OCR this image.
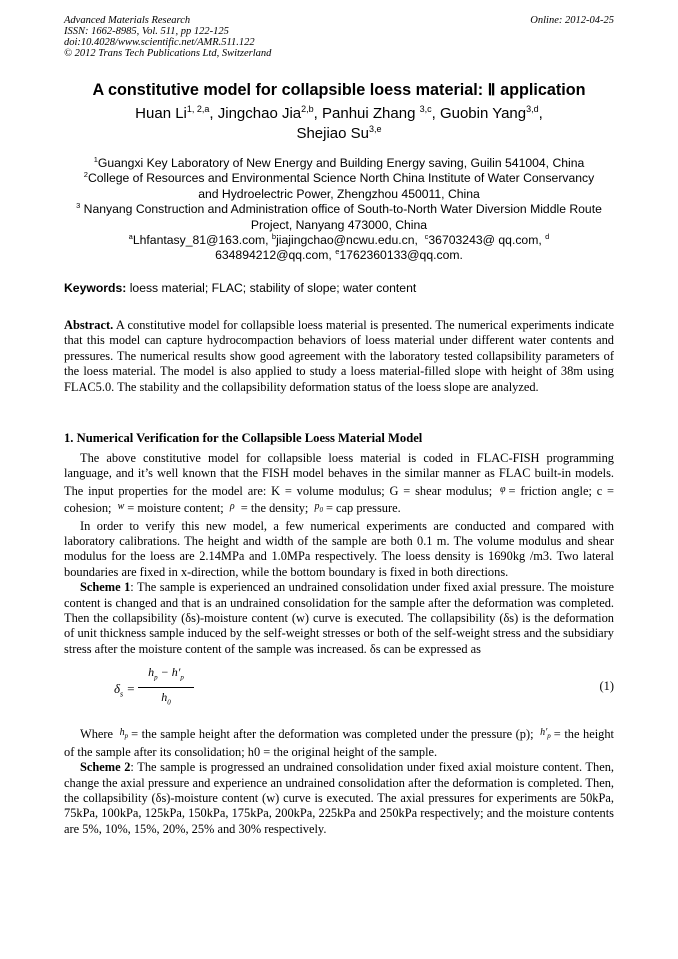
Advanced Materials Research
ISSN: 1662-8985, Vol. 511, pp 122-125
doi:10.4028/www.scientific.net/AMR.511.122
© 2012 Trans Tech Publications Ltd, Switzerland
Online: 2012-04-25
A constitutive model for collapsible loess material: Ⅱ application
Huan Li$^{1, 2,a}$, Jingchao Jia$^{2,b}$, Panhui Zhang $^{3,c}$, Guobin Yang$^{3,d}$,
Shejiao Su$^{3,e}$
$^1$Guangxi Key Laboratory of New Energy and Building Energy saving, Guilin 541004, China
$^2$College of Resources and Environmental Science North China Institute of Water Conservancy
and Hydroelectric Power, Zhengzhou 450011, China
$^3$ Nanyang Construction and Administration office of South-to-North Water Diversion Middle Route
Project, Nanyang 473000, China
$^a$Lhfantasy_81@163.com, $^b$jiajingchao@ncwu.edu.cn, $^c$36703243@ qq.com, $^d$
634894212@qq.com, $^e$1762360133@qq.com.
Keywords: loess material; FLAC; stability of slope; water content
Abstract. A constitutive model for collapsible loess material is presented. The numerical experiments indicate that this model can capture hydrocompaction behaviors of loess material under different water contents and pressures. The numerical results show good agreement with the laboratory tested collapsibility parameters of the loess material. The model is also applied to study a loess material-filled slope with height of 38m using FLAC5.0. The stability and the collapsibility deformation status of the loess slope are analyzed.
1. Numerical Verification for the Collapsible Loess Material Model

The above constitutive model for collapsible loess material is coded in FLAC-FISH programming language, and it’s well known that the FISH model behaves in the similar manner as FLAC built-in models. The input properties for the model are: K = volume modulus; G = shear modulus; $^\varphi$ = friction angle; c = cohesion; $^w$ = moisture content; $^\rho$ = the density; $^{p_0}$ = cap pressure.

In order to verify this new model, a few numerical experiments are conducted and compared with laboratory calibrations. The height and width of the sample are both 0.1 m. The volume modulus and shear modulus for the loess are 2.14MPa and 1.0MPa respectively. The loess density is 1690kg /m3. Two lateral boundaries are fixed in x-direction, while the bottom boundary is fixed in both directions.

Scheme 1: The sample is experienced an undrained consolidation under fixed axial pressure. The moisture content is changed and that is an undrained consolidation for the sample after the deformation was completed. Then the collapsibility (δs)-moisture content (w) curve is executed. The collapsibility (δs) is the deformation of unit thickness sample induced by the self-weight stresses or both of the self-weight stress and the subsidiary stress after the moisture content of the sample was increased. δs can be expressed as

$\delta_s = \frac{h_p - h'_p}{h_0}$	(1)

Where $^{h_p}$ = the sample height after the deformation was completed under the pressure (p); $^{h'_p}$ = the height of the sample after its consolidation; h0 = the original height of the sample.

Scheme 2: The sample is progressed an undrained consolidation under fixed axial moisture content. Then, change the axial pressure and experience an undrained consolidation after the deformation is completed. Then, the collapsibility (δs)-moisture content (w) curve is executed. The axial pressures for experiments are 50kPa, 75kPa, 100kPa, 125kPa, 150kPa, 175kPa, 200kPa, 225kPa and 250kPa respectively; and the moisture contents are 5%, 10%, 15%, 20%, 25% and 30% respectively.
